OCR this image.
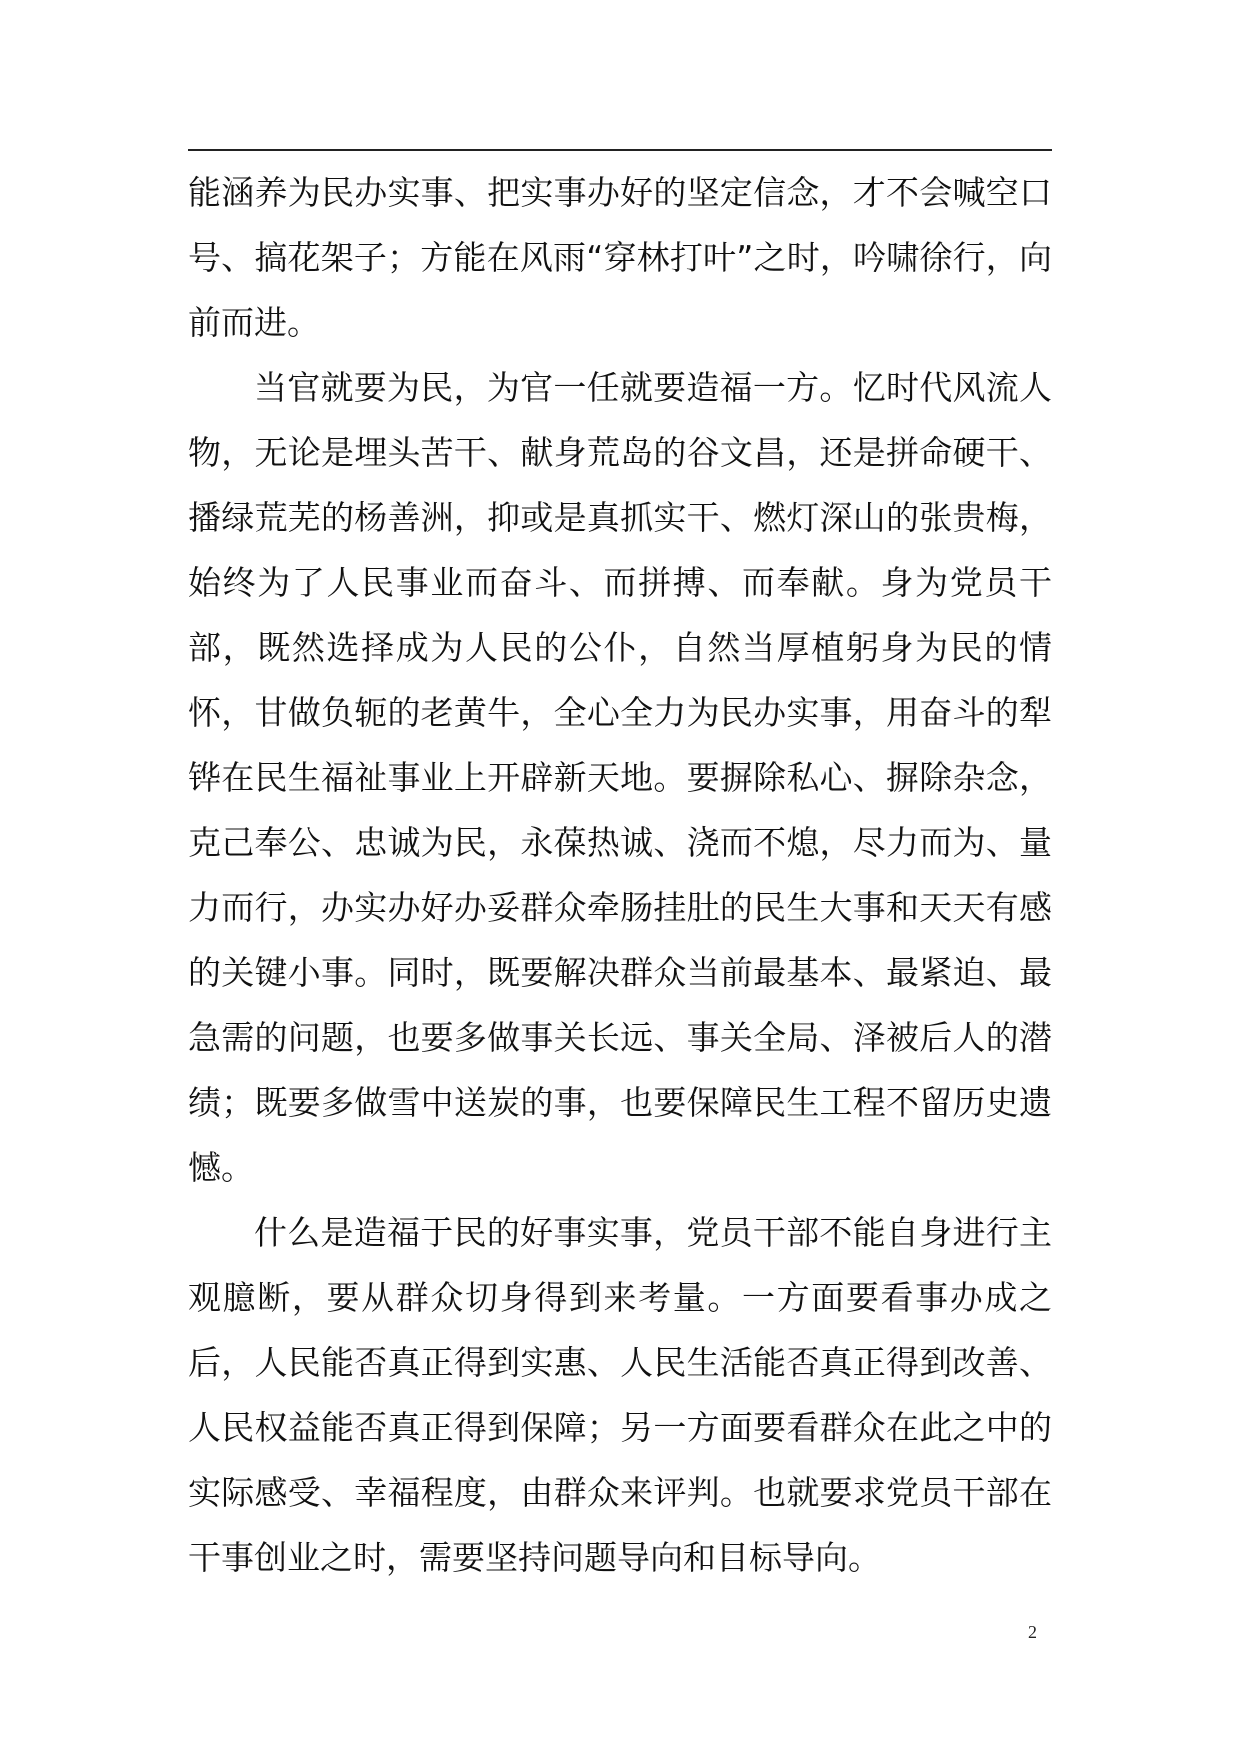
能涵养为民办实事、把实事办好的坚定信念，才不会喊空口号、搞花架子；方能在风雨“穿林打叶”之时，吟啸徐行，向前而进。

当官就要为民，为官一任就要造福一方。忆时代风流人物，无论是埋头苦干、献身荒岛的谷文昌，还是拼命硬干、播绿荒芜的杨善洲，抑或是真抓实干、燃灯深山的张贵梅，始终为了人民事业而奋斗、而拼搏、而奉献。身为党员干部，既然选择成为人民的公仆，自然当厚植躬身为民的情怀，甘做负轭的老黄牛，全心全力为民办实事，用奋斗的犁铧在民生福祉事业上开辟新天地。要摒除私心、摒除杂念，克己奉公、忠诚为民，永葆热诚、浇而不熄，尽力而为、量力而行，办实办好办妥群众牵肠挂肚的民生大事和天天有感的关键小事。同时，既要解决群众当前最基本、最紧迫、最急需的问题，也要多做事关长远、事关全局、泽被后人的潜绩；既要多做雪中送炭的事，也要保障民生工程不留历史遗憾。

什么是造福于民的好事实事，党员干部不能自身进行主观臆断，要从群众切身得到来考量。一方面要看事办成之后，人民能否真正得到实惠、人民生活能否真正得到改善、人民权益能否真正得到保障；另一方面要看群众在此之中的实际感受、幸福程度，由群众来评判。也就要求党员干部在干事创业之时，需要坚持问题导向和目标导向。

2
